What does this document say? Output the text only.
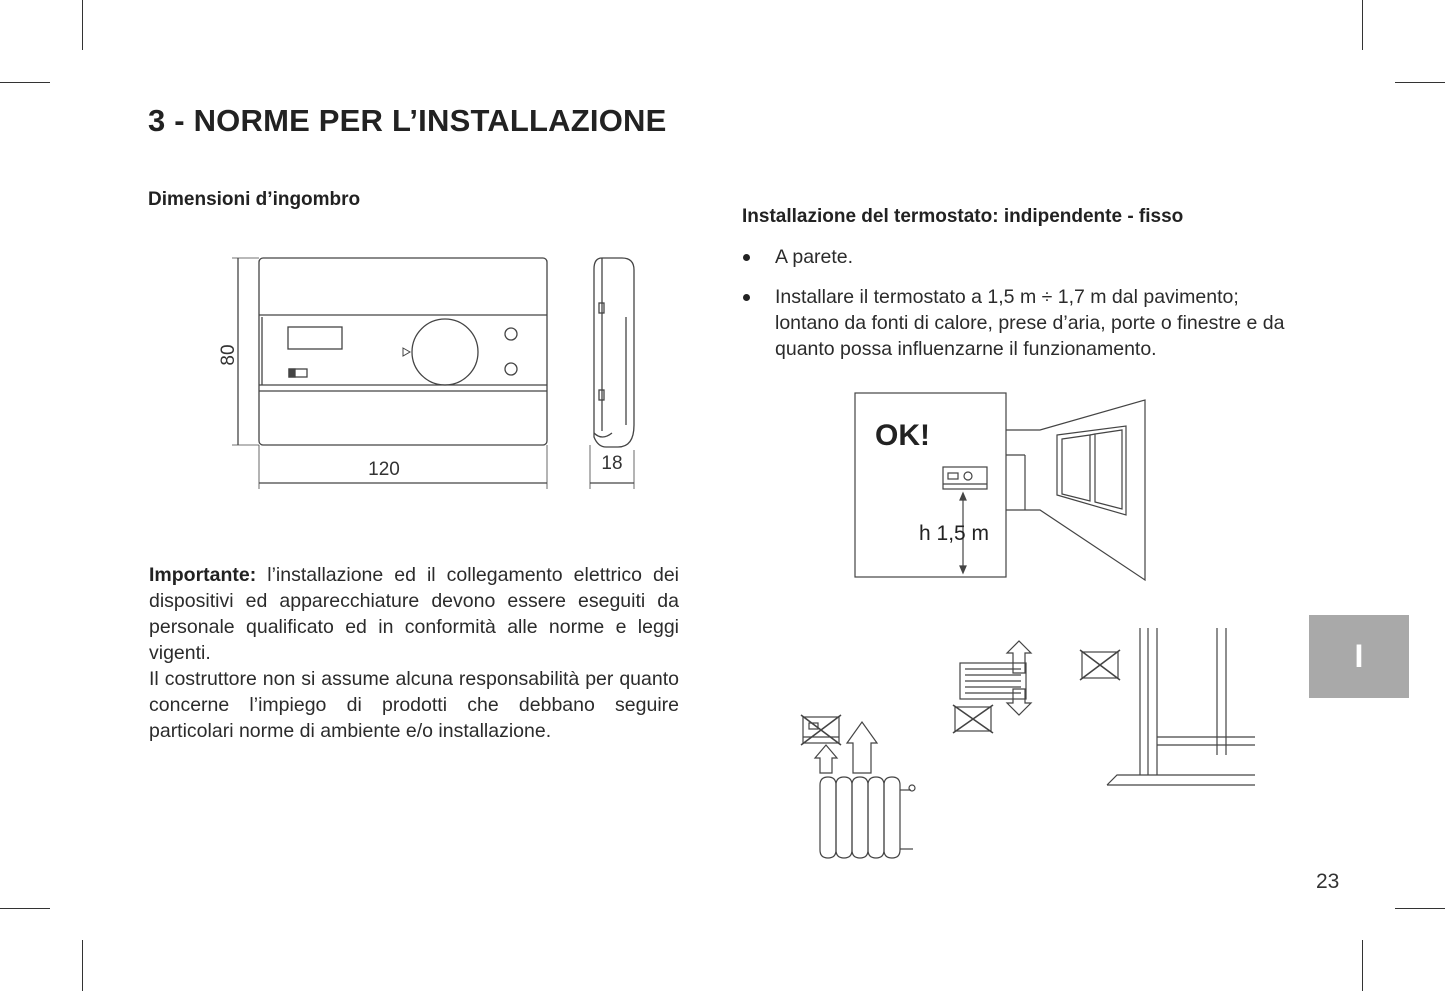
3 - NORME PER L’INSTALLAZIONE

Dimensioni d’ingombro

80
120	18

Importante: l’installazione ed il collegamento elettrico dei dispositivi ed apparecchiature devono essere eseguiti da personale qualificato ed in conformità alle norme e leggi vigenti.

Il costruttore non si assume alcuna responsabilità per quanto concerne l’impiego di prodotti che debbano seguire particolari norme di ambiente e/o installazione.

Installazione del termostato: indipendente - fisso

A parete.
Installare il termostato a 1,5 m ÷ 1,7 m dal pavimento; lontano da fonti di calore, prese d’aria, porte o finestre e da quanto possa influenzarne il funzionamento.
OK!
h 1,5 m
I
23
